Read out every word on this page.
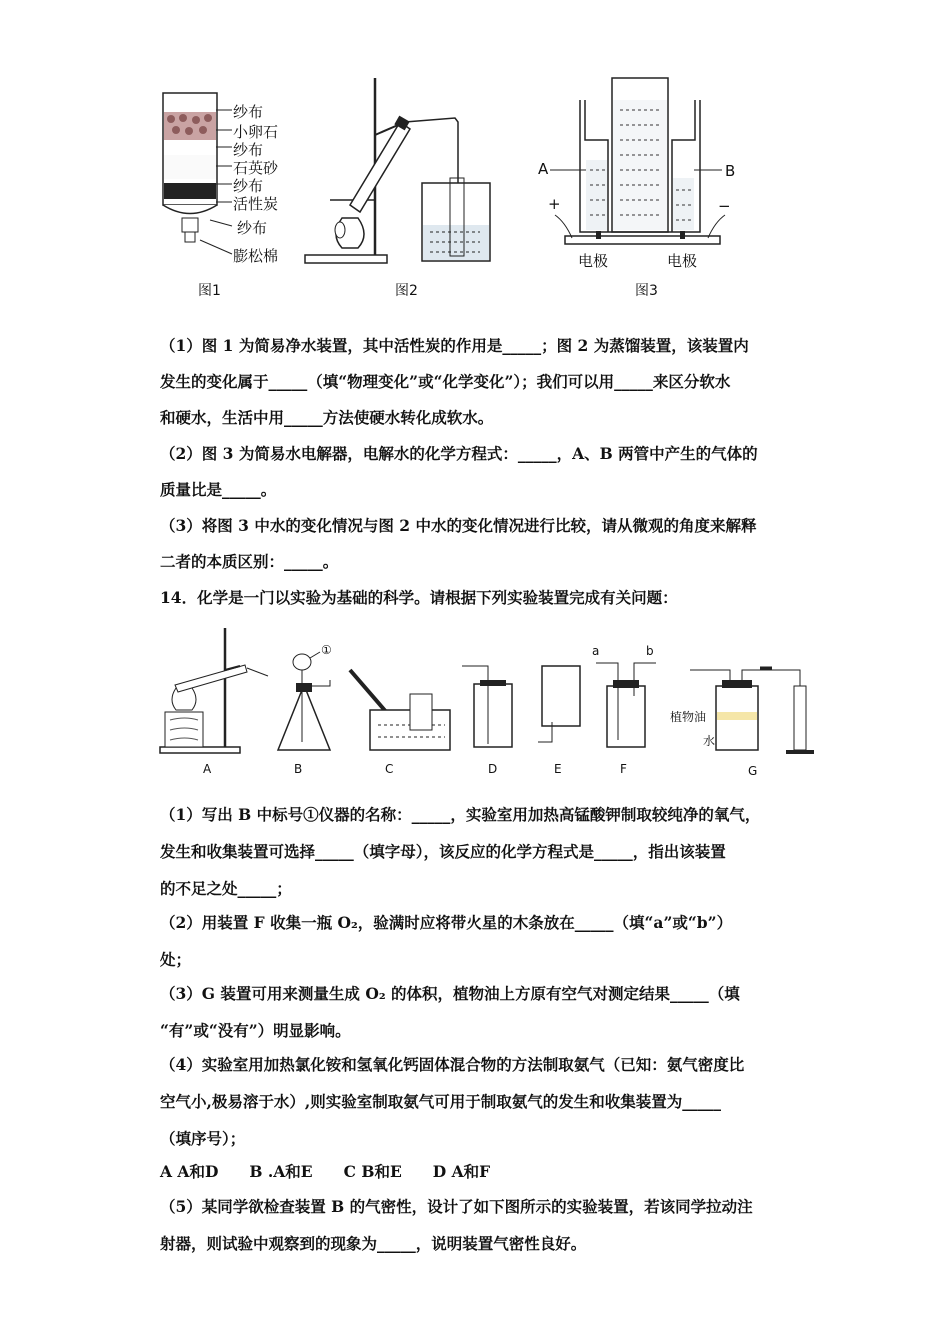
纱布
小卵石
纱布
石英砂
纱布
活性炭
纱布
膨松棉
图1	图2
A	B
+	−
电极	电极
图3
（1）图 1 为简易净水装置，其中活性炭的作用是_____；图 2 为蒸馏装置，该装置内
发生的变化属于_____（填“物理变化”或“化学变化”）；我们可以用_____来区分软水
和硬水，生活中用_____方法使硬水转化成软水。
（2）图 3 为简易水电解器，电解水的化学方程式：_____，A、B 两管中产生的气体的
质量比是_____。
（3）将图 3 中水的变化情况与图 2 中水的变化情况进行比较，请从微观的角度来解释
二者的本质区别：_____。
14．化学是一门以实验为基础的科学。请根据下列实验装置完成有关问题：
A	B	C	D	E	F	G
①	a	b
植物油
水
（1）写出 B 中标号①仪器的名称：_____，实验室用加热高锰酸钾制取较纯净的氧气，
发生和收集装置可选择_____（填字母），该反应的化学方程式是_____，指出该装置
的不足之处_____；
（2）用装置 F 收集一瓶 O₂，验满时应将带火星的木条放在_____（填“a”或“b”）
处；
（3）G 装置可用来测量生成 O₂ 的体积，植物油上方原有空气对测定结果_____（填
“有”或“没有”）明显影响。
（4）实验室用加热氯化铵和氢氧化钙固体混合物的方法制取氨气（已知：氨气密度比
空气小,极易溶于水）,则实验室制取氨气可用于制取氨气的发生和收集装置为_____
（填序号）；
A A和D　　B .A和E　　C B和E　　D A和F
（5）某同学欲检查装置 B 的气密性，设计了如下图所示的实验装置，若该同学拉动注
射器，则试验中观察到的现象为_____，说明装置气密性良好。
